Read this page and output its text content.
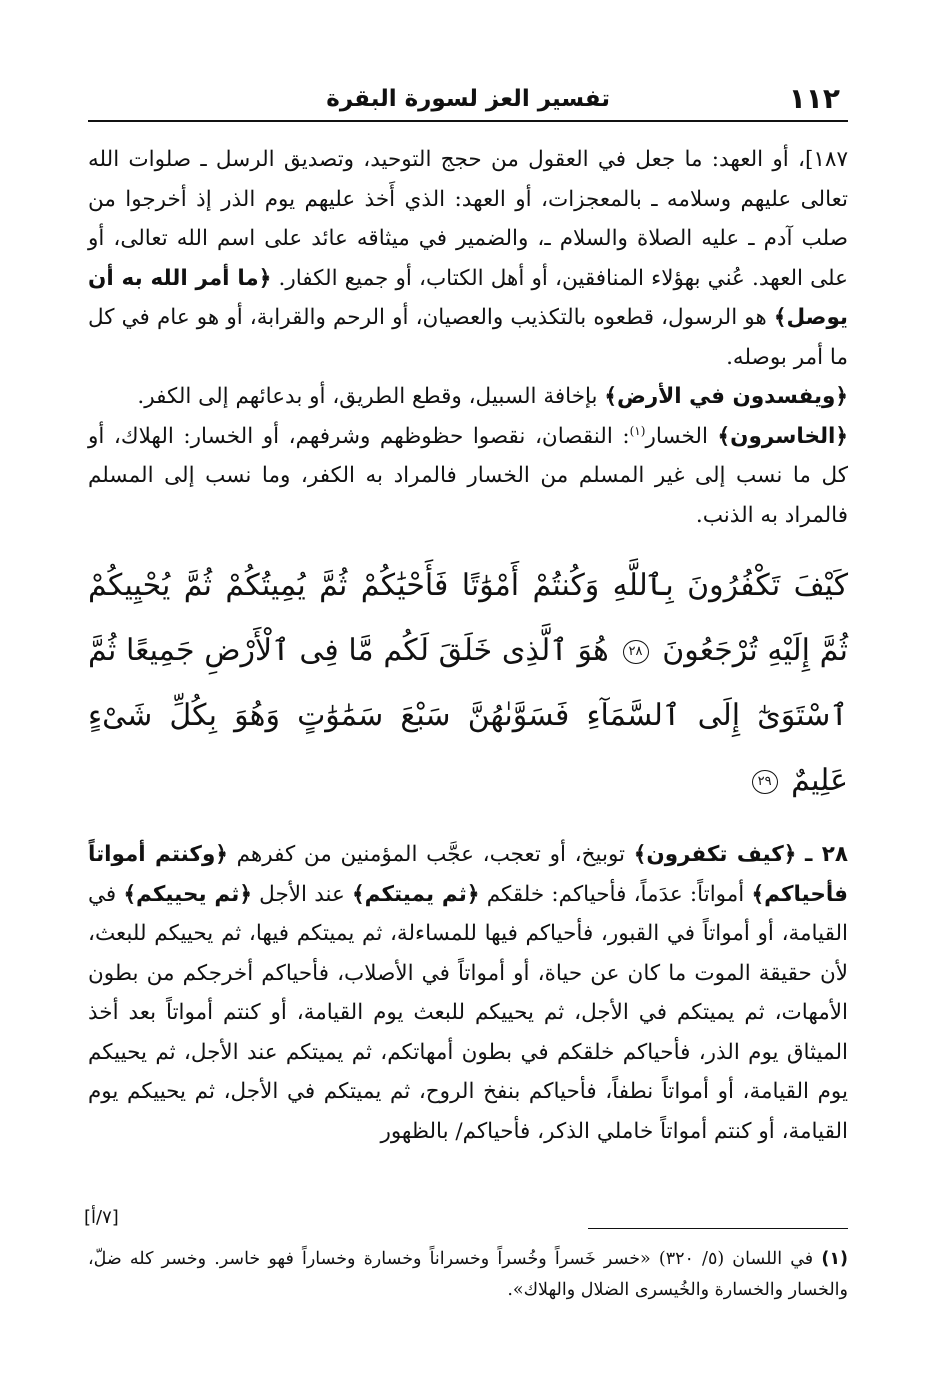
١١٢
تفسير العز لسورة البقرة

١٨٧]، أو العهد: ما جعل في العقول من حجج التوحيد، وتصديق الرسل ـ صلوات الله تعالى عليهم وسلامه ـ بالمعجزات، أو العهد: الذي أَخذ عليهم يوم الذر إذ أخرجوا من صلب آدم ـ عليه الصلاة والسلام ـ، والضمير في ميثاقه عائد على اسم الله تعالى، أو على العهد. عُني بهؤلاء المنافقين، أو أهل الكتاب، أو جميع الكفار. ﴿ما أمر الله به أن يوصل﴾ هو الرسول، قطعوه بالتكذيب والعصيان، أو الرحم والقرابة، أو هو عام في كل ما أمر بوصله.

﴿ويفسدون في الأرض﴾ بإخافة السبيل، وقطع الطريق، أو بدعائهم إلى الكفر.

﴿الخاسرون﴾ الخسار$^{(١)}$: النقصان، نقصوا حظوظهم وشرفهم، أو الخسار: الهلاك، أو كل ما نسب إلى غير المسلم من الخسار فالمراد به الكفر، وما نسب إلى المسلم فالمراد به الذنب.

كَيْفَ تَكْفُرُونَ بِٱللَّهِ وَكُنتُمْ أَمْوَٰتًا فَأَحْيَٰكُمْ ثُمَّ يُمِيتُكُمْ ثُمَّ يُحْيِيكُمْ ثُمَّ إِلَيْهِ تُرْجَعُونَ ٢٨ هُوَ ٱلَّذِى خَلَقَ لَكُم مَّا فِى ٱلْأَرْضِ جَمِيعًا ثُمَّ ٱسْتَوَىٰٓ إِلَى ٱلسَّمَآءِ فَسَوَّىٰهُنَّ سَبْعَ سَمَٰوَٰتٍ وَهُوَ بِكُلِّ شَىْءٍ عَلِيمٌ ٢٩

٢٨ ـ ﴿كيف تكفرون﴾ توبيخ، أو تعجب، عجَّب المؤمنين من كفرهم ﴿وكنتم أمواتاً فأحياكم﴾ أمواتاً: عدَماً، فأحياكم: خلقكم ﴿ثم يميتكم﴾ عند الأجل ﴿ثم يحييكم﴾ في القيامة، أو أمواتاً في القبور، فأحياكم فيها للمساءلة، ثم يميتكم فيها، ثم يحييكم للبعث، لأن حقيقة الموت ما كان عن حياة، أو أمواتاً في الأصلاب، فأحياكم أخرجكم من بطون الأمهات، ثم يميتكم في الأجل، ثم يحييكم للبعث يوم القيامة، أو كنتم أمواتاً بعد أخذ الميثاق يوم الذر، فأحياكم خلقكم في بطون أمهاتكم، ثم يميتكم عند الأجل، ثم يحييكم يوم القيامة، أو أمواتاً نطفاً، فأحياكم بنفخ الروح، ثم يميتكم في الأجل، ثم يحييكم يوم القيامة، أو كنتم أمواتاً خاملي الذكر، فأحياكم/ بالظهور

[٧/أ]

(١) في اللسان (٥/ ٣٢٠) «خسر خَسراً وخُسراً وخسراناً وخسارة وخساراً فهو خاسر. وخسر كله ضلّ، والخسار والخسارة والخُيسرى الضلال والهلاك».
